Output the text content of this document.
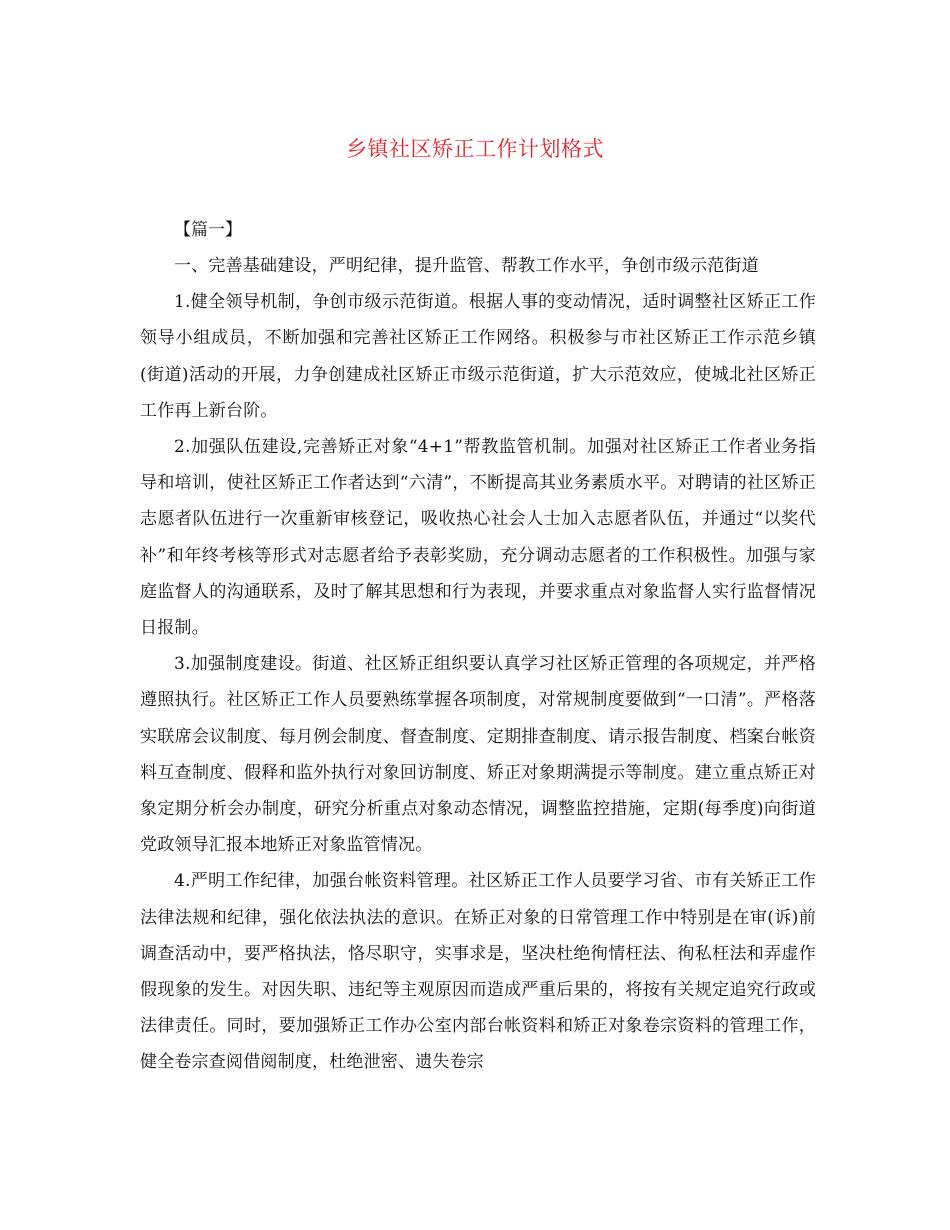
乡镇社区矫正工作计划格式

【篇一】

一、完善基础建设，严明纪律，提升监管、帮教工作水平，争创市级示范街道

1.健全领导机制，争创市级示范街道。根据人事的变动情况，适时调整社区矫正工作领导小组成员，不断加强和完善社区矫正工作网络。积极参与市社区矫正工作示范乡镇(街道)活动的开展，力争创建成社区矫正市级示范街道，扩大示范效应，使城北社区矫正工作再上新台阶。

2.加强队伍建设,完善矫正对象“4+1”帮教监管机制。加强对社区矫正工作者业务指导和培训，使社区矫正工作者达到“六清”，不断提高其业务素质水平。对聘请的社区矫正志愿者队伍进行一次重新审核登记，吸收热心社会人士加入志愿者队伍，并通过“以奖代补”和年终考核等形式对志愿者给予表彰奖励，充分调动志愿者的工作积极性。加强与家庭监督人的沟通联系，及时了解其思想和行为表现，并要求重点对象监督人实行监督情况日报制。

3.加强制度建设。街道、社区矫正组织要认真学习社区矫正管理的各项规定，并严格遵照执行。社区矫正工作人员要熟练掌握各项制度，对常规制度要做到“一口清”。严格落实联席会议制度、每月例会制度、督查制度、定期排查制度、请示报告制度、档案台帐资料互查制度、假释和监外执行对象回访制度、矫正对象期满提示等制度。建立重点矫正对象定期分析会办制度，研究分析重点对象动态情况，调整监控措施，定期(每季度)向街道党政领导汇报本地矫正对象监管情况。

4.严明工作纪律，加强台帐资料管理。社区矫正工作人员要学习省、市有关矫正工作法律法规和纪律，强化依法执法的意识。在矫正对象的日常管理工作中特别是在审(诉)前调查活动中，要严格执法，恪尽职守，实事求是，坚决杜绝徇情枉法、徇私枉法和弄虚作假现象的发生。对因失职、违纪等主观原因而造成严重后果的，将按有关规定追究行政或法律责任。同时，要加强矫正工作办公室内部台帐资料和矫正对象卷宗资料的管理工作，健全卷宗查阅借阅制度，杜绝泄密、遗失卷宗
